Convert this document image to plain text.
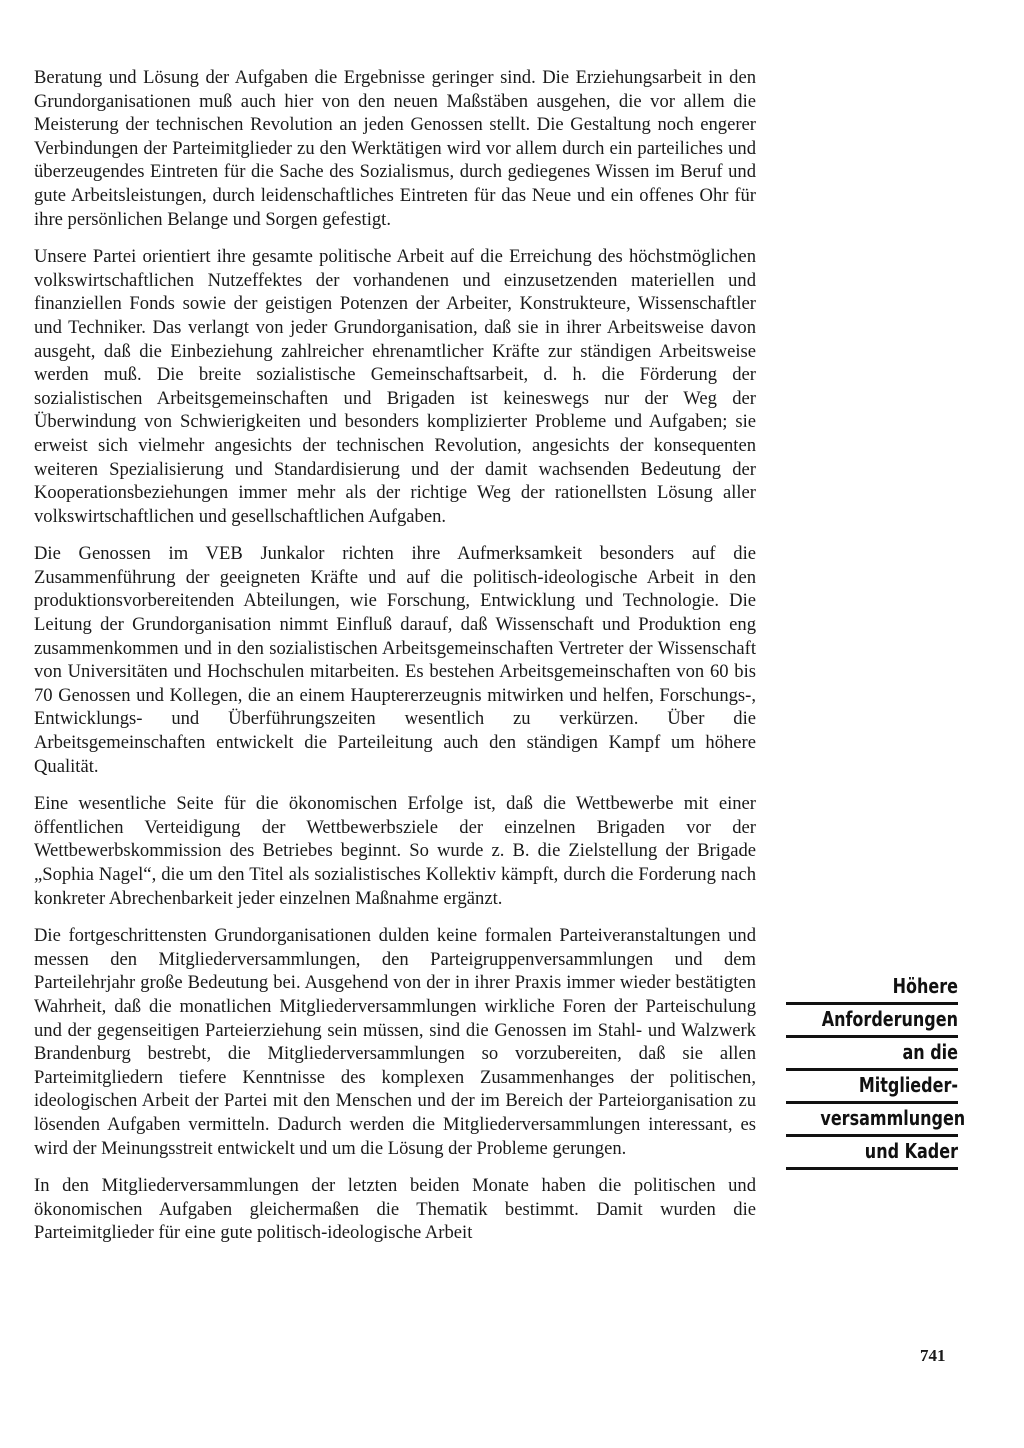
Beratung und Lösung der Aufgaben die Ergebnisse geringer sind. Die Erziehungsarbeit in den Grundorganisationen muß auch hier von den neuen Maßstäben ausgehen, die vor allem die Meisterung der technischen Revolution an jeden Genossen stellt. Die Gestaltung noch engerer Verbindungen der Parteimitglieder zu den Werktätigen wird vor allem durch ein parteiliches und überzeugendes Eintreten für die Sache des Sozialismus, durch gediegenes Wissen im Beruf und gute Arbeitsleistungen, durch leidenschaftliches Eintreten für das Neue und ein offenes Ohr für ihre persönlichen Belange und Sorgen gefestigt.

Unsere Partei orientiert ihre gesamte politische Arbeit auf die Erreichung des höchstmöglichen volkswirtschaftlichen Nutzeffektes der vorhandenen und einzusetzenden materiellen und finanziellen Fonds sowie der geistigen Potenzen der Arbeiter, Konstrukteure, Wissenschaftler und Techniker. Das verlangt von jeder Grundorganisation, daß sie in ihrer Arbeitsweise davon ausgeht, daß die Einbeziehung zahlreicher ehrenamtlicher Kräfte zur ständigen Arbeitsweise werden muß. Die breite sozialistische Gemeinschaftsarbeit, d. h. die Förderung der sozialistischen Arbeitsgemeinschaften und Brigaden ist keineswegs nur der Weg der Überwindung von Schwierigkeiten und besonders komplizierter Probleme und Aufgaben; sie erweist sich vielmehr angesichts der technischen Revolution, angesichts der konsequenten weiteren Spezialisierung und Standardisierung und der damit wachsenden Bedeutung der Kooperationsbeziehungen immer mehr als der richtige Weg der rationellsten Lösung aller volkswirtschaftlichen und gesellschaftlichen Aufgaben.

Die Genossen im VEB Junkalor richten ihre Aufmerksamkeit besonders auf die Zusammenführung der geeigneten Kräfte und auf die politisch-ideologische Arbeit in den produktionsvorbereitenden Abteilungen, wie Forschung, Entwicklung und Technologie. Die Leitung der Grundorganisation nimmt Einfluß darauf, daß Wissenschaft und Produktion eng zusammenkommen und in den sozialistischen Arbeitsgemeinschaften Vertreter der Wissenschaft von Universitäten und Hochschulen mitarbeiten. Es bestehen Arbeitsgemeinschaften von 60 bis 70 Genossen und Kollegen, die an einem Hauptererzeugnis mitwirken und helfen, Forschungs-, Entwicklungs- und Überführungszeiten wesentlich zu verkürzen. Über die Arbeitsgemeinschaften entwickelt die Parteileitung auch den ständigen Kampf um höhere Qualität.

Eine wesentliche Seite für die ökonomischen Erfolge ist, daß die Wettbewerbe mit einer öffentlichen Verteidigung der Wettbewerbsziele der einzelnen Brigaden vor der Wettbewerbskommission des Betriebes beginnt. So wurde z. B. die Zielstellung der Brigade „Sophia Nagel“, die um den Titel als sozialistisches Kollektiv kämpft, durch die Forderung nach konkreter Abrechenbarkeit jeder einzelnen Maßnahme ergänzt.

Die fortgeschrittensten Grundorganisationen dulden keine formalen Parteiveranstaltungen und messen den Mitgliederversammlungen, den Parteigruppenversammlungen und dem Parteilehrjahr große Bedeutung bei. Ausgehend von der in ihrer Praxis immer wieder bestätigten Wahrheit, daß die monatlichen Mitgliederversammlungen wirkliche Foren der Parteischulung und der gegenseitigen Parteierziehung sein müssen, sind die Genossen im Stahl- und Walzwerk Brandenburg bestrebt, die Mitgliederversammlungen so vorzubereiten, daß sie allen Parteimitgliedern tiefere Kenntnisse des komplexen Zusammenhanges der politischen, ideologischen Arbeit der Partei mit den Menschen und der im Bereich der Parteiorganisation zu lösenden Aufgaben vermitteln. Dadurch werden die Mitgliederversammlungen interessant, es wird der Meinungsstreit entwickelt und um die Lösung der Probleme gerungen.

In den Mitgliederversammlungen der letzten beiden Monate haben die politischen und ökonomischen Aufgaben gleichermaßen die Thematik bestimmt. Damit wurden die Parteimitglieder für eine gute politisch-ideologische Arbeit

Höhere
Anforderungen
an die
Mitglieder-
versammlungen
und Kader
741
